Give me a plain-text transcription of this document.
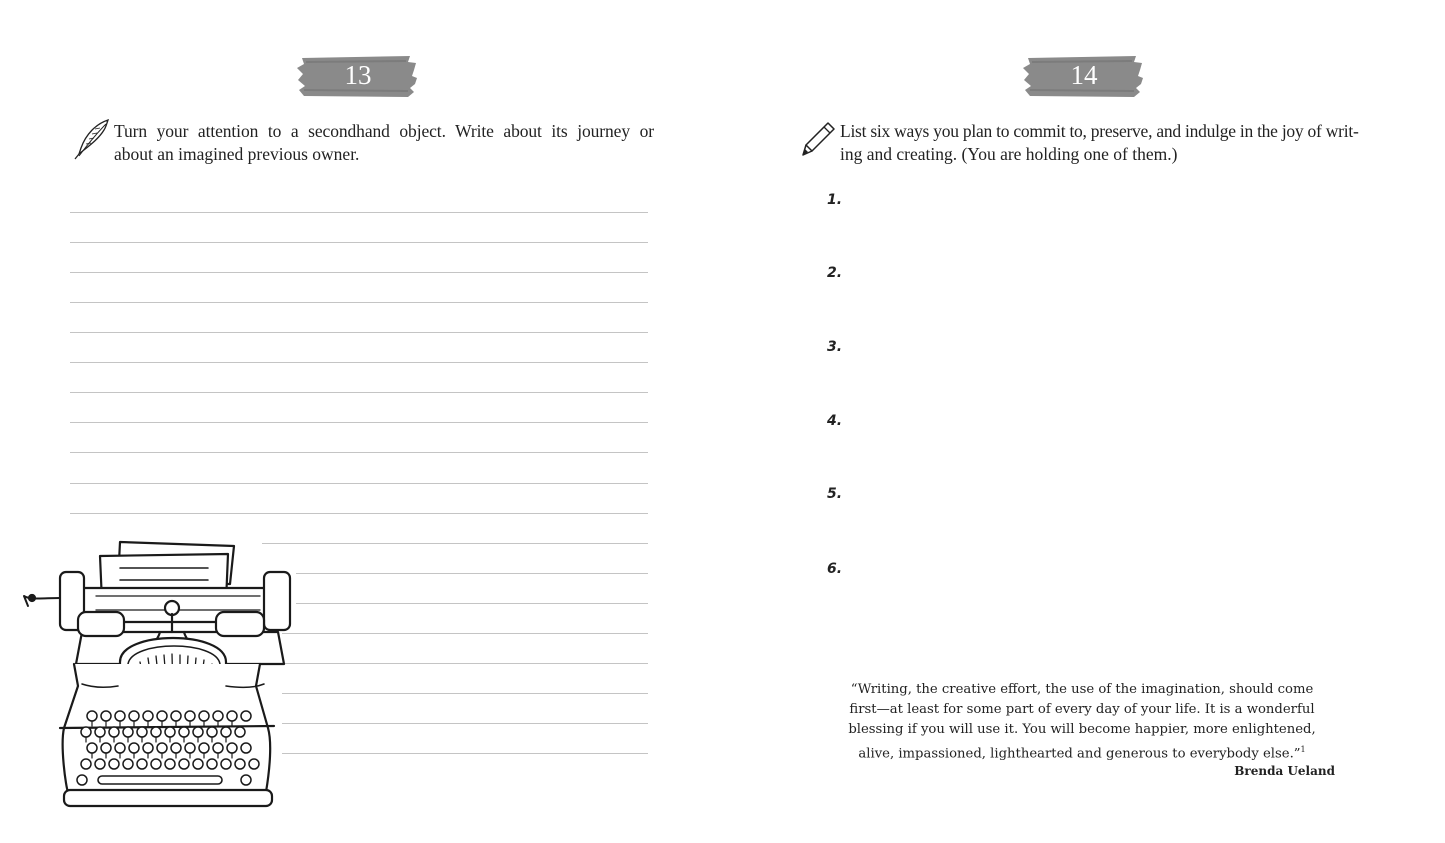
13
Turn your attention to a secondhand object. Write about its journey or
about an imagined previous owner.
14
List six ways you plan to commit to, preserve, and indulge in the joy of writ-
ing and creating. (You are holding one of them.)
1.
2.
3.
4.
5.
6.
“Writing, the creative effort, the use of the imagination, should come
first—at least for some part of every day of your life. It is a wonderful
blessing if you will use it. You will become happier, more enlightened,
alive, impassioned, lighthearted and generous to everybody else.”$^1$
Brenda Ueland
